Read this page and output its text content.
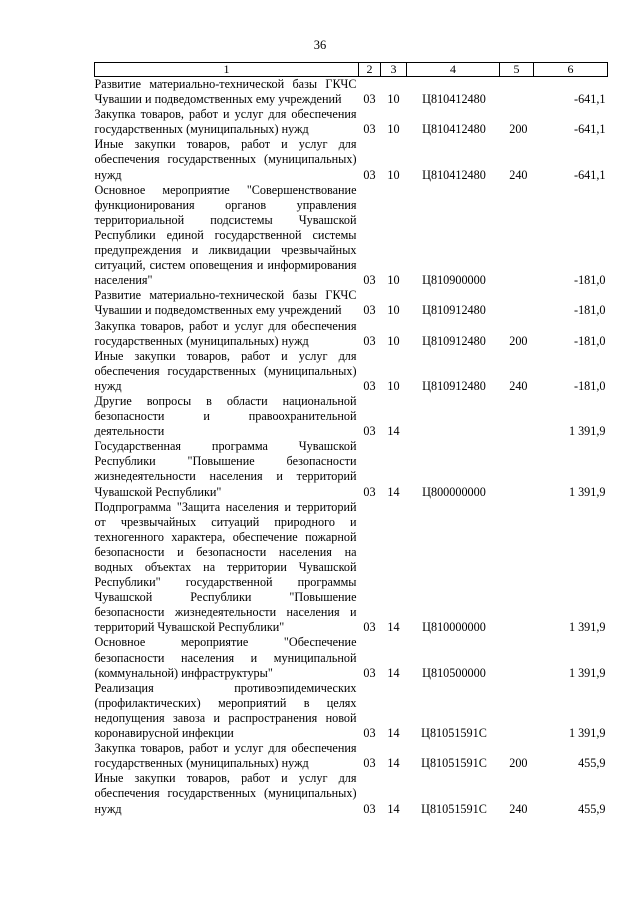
36
1	2	3	4	5	6
Развитие материально-технической базы ГКЧС Чувашии и подведомственных ему учреждений	03	10	Ц810412480		-641,1
Закупка товаров, работ и услуг для обеспечения государственных (муниципальных) нужд	03	10	Ц810412480	200	-641,1
Иные закупки товаров, работ и услуг для обеспечения государственных (муниципальных) нужд	03	10	Ц810412480	240	-641,1
Основное мероприятие "Совершенствование функционирования органов управления территориальной подсистемы Чувашской Республики единой государственной системы предупреждения и ликвидации чрезвычайных ситуаций, систем оповещения и информирования населения"	03	10	Ц810900000		-181,0
Развитие материально-технической базы ГКЧС Чувашии и подведомственных ему учреждений	03	10	Ц810912480		-181,0
Закупка товаров, работ и услуг для обеспечения государственных (муниципальных) нужд	03	10	Ц810912480	200	-181,0
Иные закупки товаров, работ и услуг для обеспечения государственных (муниципальных) нужд	03	10	Ц810912480	240	-181,0
Другие вопросы в области национальной безопасности и правоохранительной деятельности	03	14			1 391,9
Государственная программа Чувашской Республики "Повышение безопасности жизнедеятельности населения и территорий Чувашской Республики"	03	14	Ц800000000		1 391,9
Подпрограмма "Защита населения и территорий от чрезвычайных ситуаций природного и техногенного характера, обеспечение пожарной безопасности и безопасности населения на водных объектах на территории Чувашской Республики" государственной программы Чувашской Республики "Повышение безопасности жизнедеятельности населения и территорий Чувашской Республики"	03	14	Ц810000000		1 391,9
Основное мероприятие "Обеспечение безопасности населения и муниципальной (коммунальной) инфраструктуры"	03	14	Ц810500000		1 391,9
Реализация противоэпидемических (профилактических) мероприятий в целях недопущения завоза и распространения новой коронавирусной инфекции	03	14	Ц81051591С		1 391,9
Закупка товаров, работ и услуг для обеспечения государственных (муниципальных) нужд	03	14	Ц81051591С	200	455,9
Иные закупки товаров, работ и услуг для обеспечения государственных (муниципальных) нужд	03	14	Ц81051591С	240	455,9
